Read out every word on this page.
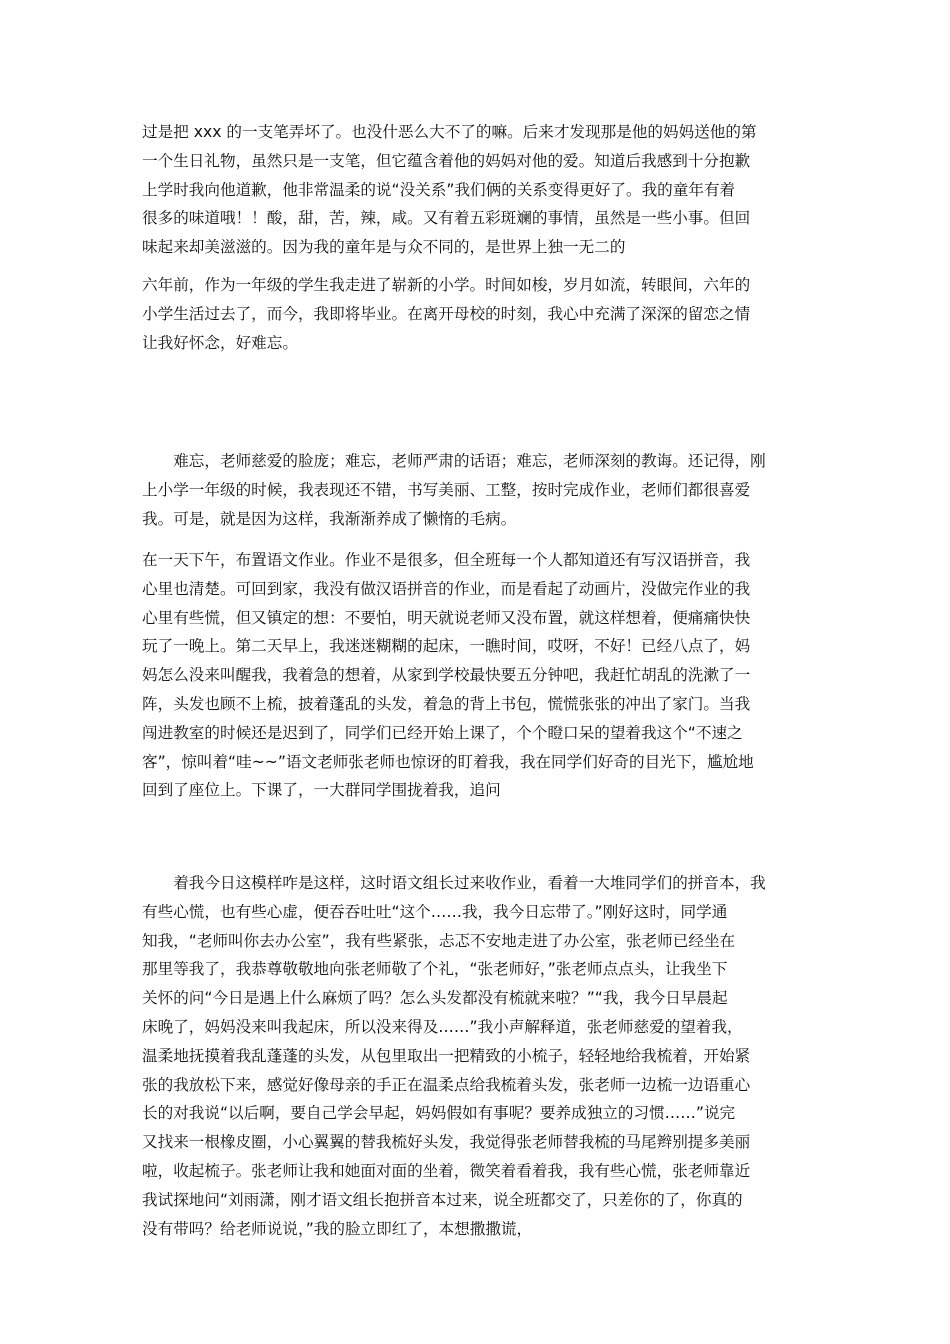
过是把 xxx 的一支笔弄坏了。也没什恶么大不了的嘛。后来才发现那是他的妈妈送他的第
一个生日礼物，虽然只是一支笔，但它蕴含着他的妈妈对他的爱。知道后我感到十分抱歉
上学时我向他道歉，他非常温柔的说“没关系”我们俩的关系变得更好了。我的童年有着
很多的味道哦！！酸，甜，苦，辣，咸。又有着五彩斑斓的事情，虽然是一些小事。但回
味起来却美滋滋的。因为我的童年是与众不同的，是世界上独一无二的
六年前，作为一年级的学生我走进了崭新的小学。时间如梭，岁月如流，转眼间，六年的
小学生活过去了，而今，我即将毕业。在离开母校的时刻，我心中充满了深深的留恋之情
让我好怀念，好难忘。
　　难忘，老师慈爱的脸庞；难忘，老师严肃的话语；难忘，老师深刻的教诲。还记得，刚
上小学一年级的时候，我表现还不错，书写美丽、工整，按时完成作业，老师们都很喜爱
我。可是，就是因为这样，我渐渐养成了懒惰的毛病。
在一天下午，布置语文作业。作业不是很多，但全班每一个人都知道还有写汉语拼音，我
心里也清楚。可回到家，我没有做汉语拼音的作业，而是看起了动画片，没做完作业的我
心里有些慌，但又镇定的想：不要怕，明天就说老师又没布置，就这样想着，便痛痛快快
玩了一晚上。第二天早上，我迷迷糊糊的起床，一瞧时间，哎呀，不好！已经八点了，妈
妈怎么没来叫醒我，我着急的想着，从家到学校最快要五分钟吧，我赶忙胡乱的洗漱了一
阵，头发也顾不上梳，披着蓬乱的头发，着急的背上书包，慌慌张张的冲出了家门。当我
闯进教室的时候还是迟到了，同学们已经开始上课了，个个瞪口呆的望着我这个“不速之
客”，惊叫着“哇~~”语文老师张老师也惊讶的盯着我，我在同学们好奇的目光下，尴尬地
回到了座位上。下课了，一大群同学围拢着我，追问
　　着我今日这模样咋是这样，这时语文组长过来收作业，看着一大堆同学们的拼音本，我
有些心慌，也有些心虚，便吞吞吐吐“这个……我，我今日忘带了。”刚好这时，同学通
知我，“老师叫你去办公室”，我有些紧张，忐忑不安地走进了办公室，张老师已经坐在
那里等我了，我恭尊敬敬地向张老师敬了个礼，“张老师好，”张老师点点头，让我坐下
关怀的问“今日是遇上什么麻烦了吗？怎么头发都没有梳就来啦？”“我，我今日早晨起
床晚了，妈妈没来叫我起床，所以没来得及……”我小声解释道，张老师慈爱的望着我，
温柔地抚摸着我乱蓬蓬的头发，从包里取出一把精致的小梳子，轻轻地给我梳着，开始紧
张的我放松下来，感觉好像母亲的手正在温柔点给我梳着头发，张老师一边梳一边语重心
长的对我说“以后啊，要自己学会早起，妈妈假如有事呢？要养成独立的习惯……”说完
又找来一根橡皮圈，小心翼翼的替我梳好头发，我觉得张老师替我梳的马尾辫别提多美丽
啦，收起梳子。张老师让我和她面对面的坐着，微笑着看着我，我有些心慌，张老师靠近
我试探地问“刘雨潇，刚才语文组长抱拼音本过来，说全班都交了，只差你的了，你真的
没有带吗？给老师说说，”我的脸立即红了，本想撒撒谎，
